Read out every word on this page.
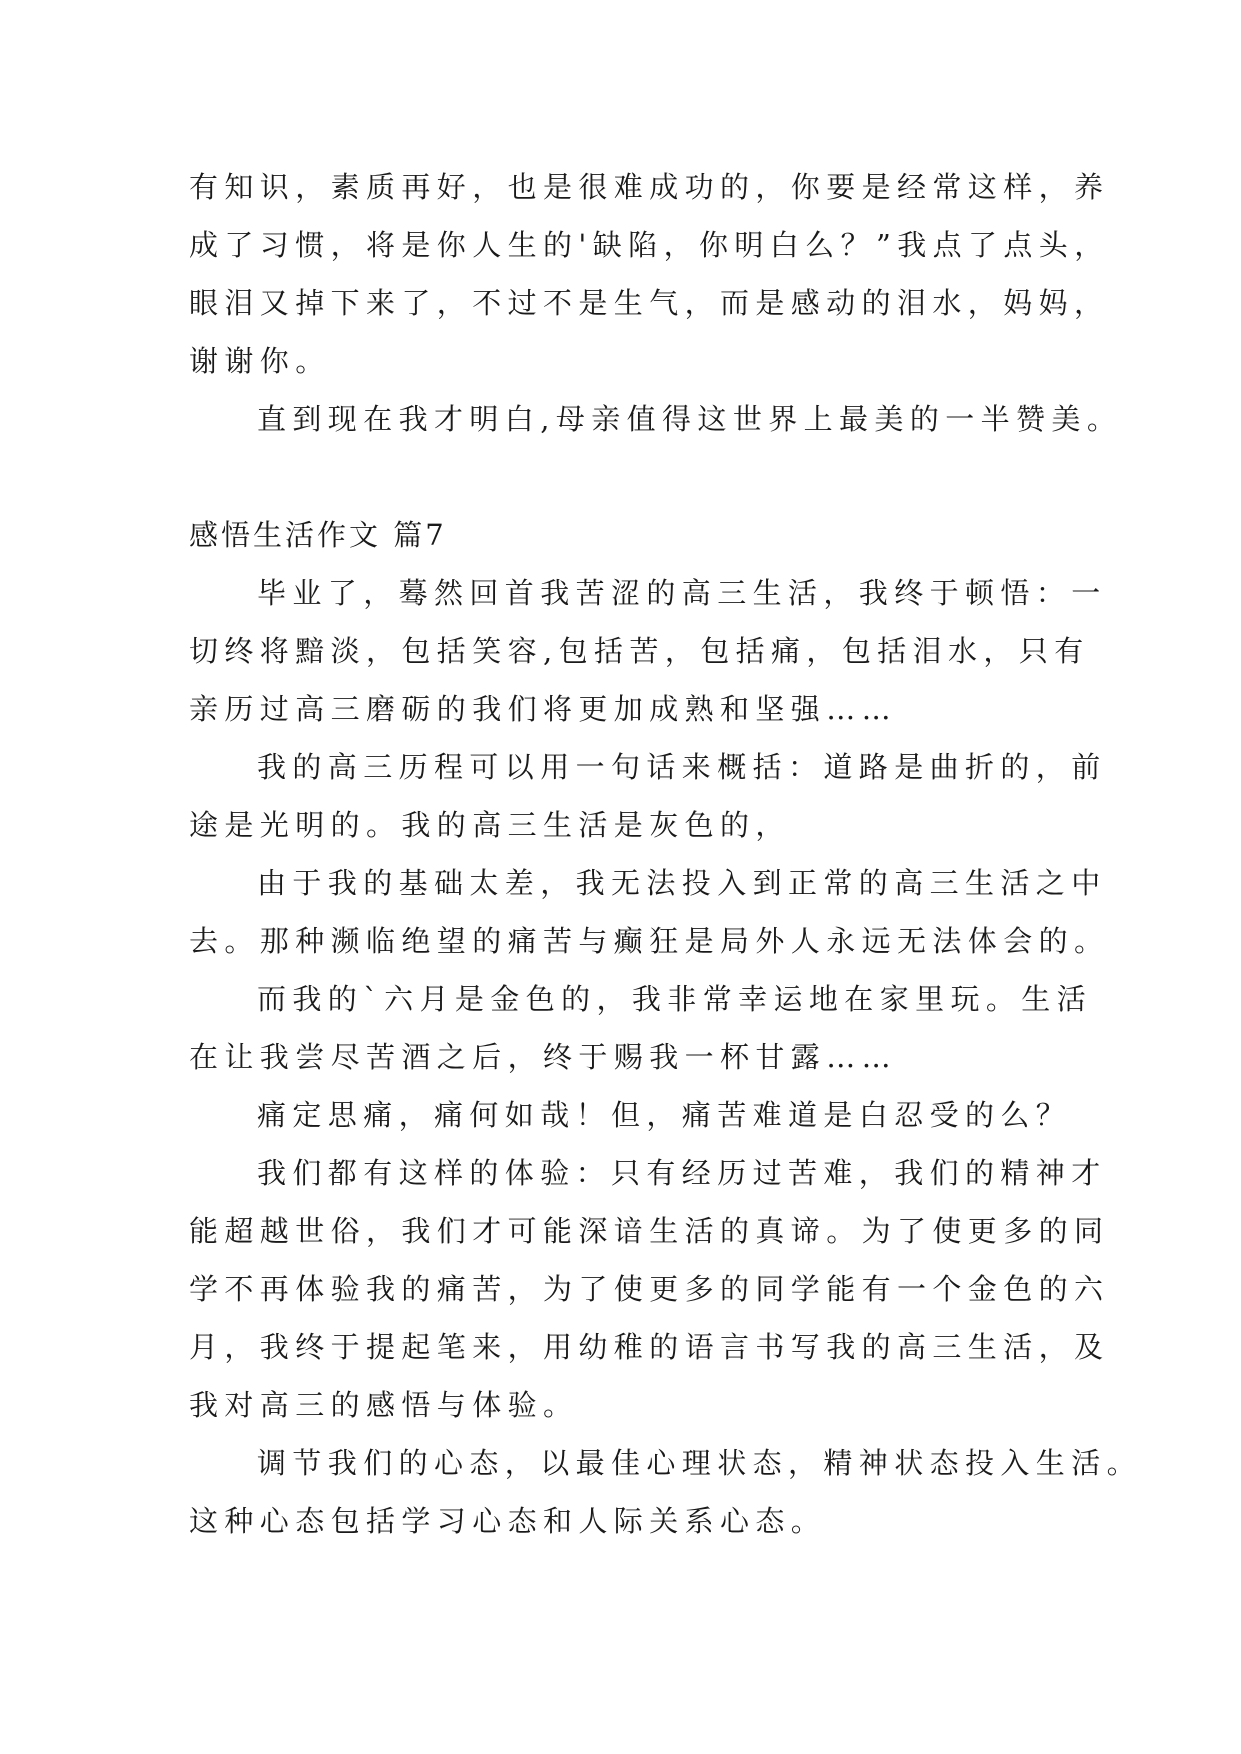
有知识，素质再好，也是很难成功的，你要是经常这样，养
成了习惯，将是你人生的'缺陷，你明白么？”我点了点头，
眼泪又掉下来了，不过不是生气，而是感动的泪水，妈妈，
谢谢你。
直到现在我才明白,母亲值得这世界上最美的一半赞美。
感悟生活作文 篇7
毕业了，蓦然回首我苦涩的高三生活，我终于顿悟：一
切终将黯淡，包括笑容,包括苦，包括痛，包括泪水，只有
亲历过高三磨砺的我们将更加成熟和坚强……
我的高三历程可以用一句话来概括：道路是曲折的，前
途是光明的。我的高三生活是灰色的，
由于我的基础太差，我无法投入到正常的高三生活之中
去。那种濒临绝望的痛苦与癫狂是局外人永远无法体会的。
而我的`六月是金色的，我非常幸运地在家里玩。生活
在让我尝尽苦酒之后，终于赐我一杯甘露……
痛定思痛，痛何如哉！但，痛苦难道是白忍受的么？
我们都有这样的体验：只有经历过苦难，我们的精神才
能超越世俗，我们才可能深谙生活的真谛。为了使更多的同
学不再体验我的痛苦，为了使更多的同学能有一个金色的六
月，我终于提起笔来，用幼稚的语言书写我的高三生活，及
我对高三的感悟与体验。
调节我们的心态，以最佳心理状态，精神状态投入生活。
这种心态包括学习心态和人际关系心态。
